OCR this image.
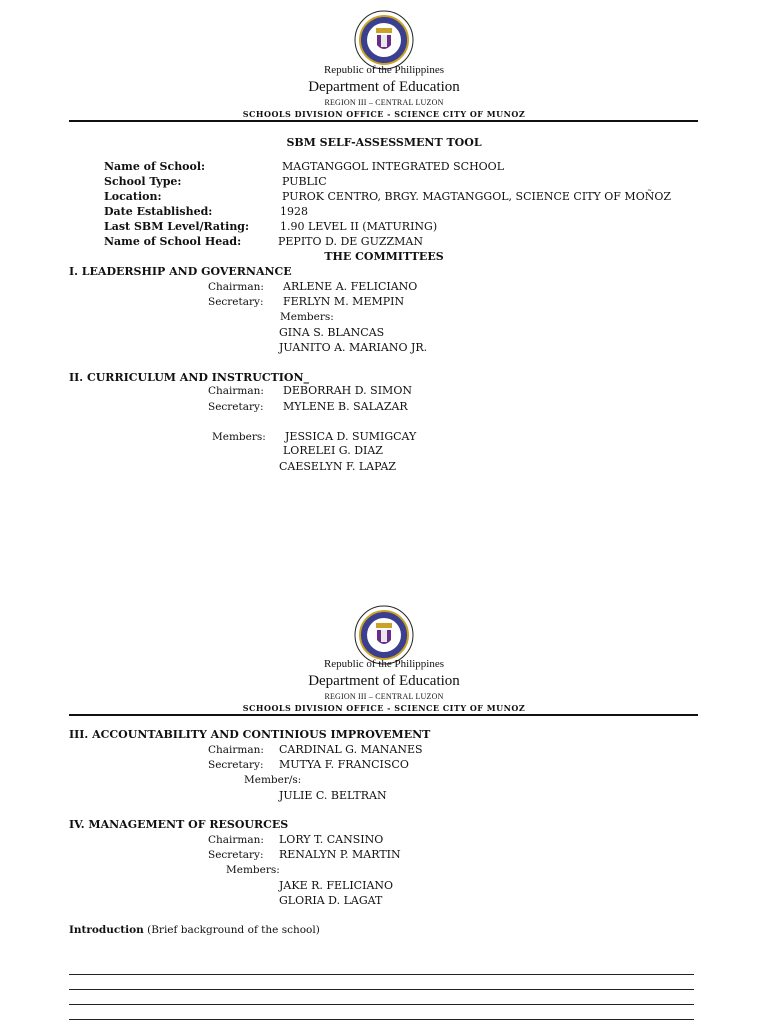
Republic of the Philippines
Department of Education
REGION III – CENTRAL LUZON
SCHOOLS DIVISION OFFICE - SCIENCE CITY OF MUNOZ
SBM SELF-ASSESSMENT TOOL
Name of School:	MAGTANGGOL INTEGRATED SCHOOL
School Type:	PUBLIC
Location:	PUROK CENTRO, BRGY. MAGTANGGOL, SCIENCE CITY OF MOÑOZ
Date Established:	1928
Last SBM Level/Rating:	1.90 LEVEL II (MATURING)
Name of School Head:	PEPITO D. DE GUZZMAN
THE COMMITTEES
I. LEADERSHIP AND GOVERNANCE
Chairman: ARLENE A. FELICIANO
Secretary: FERLYN M. MEMPIN
Members:
GINA S. BLANCAS
JUANITO A. MARIANO JR.
II. CURRICULUM AND INSTRUCTION_
Chairman: DEBORRAH D. SIMON
Secretary: MYLENE B. SALAZAR
Members: JESSICA D. SUMIGCAY
LORELEI G. DIAZ
CAESELYN F. LAPAZ
Republic of the Philippines
Department of Education
REGION III – CENTRAL LUZON
SCHOOLS DIVISION OFFICE - SCIENCE CITY OF MUNOZ
III. ACCOUNTABILITY AND CONTINIOUS IMPROVEMENT
Chairman: CARDINAL G. MANANES
Secretary: MUTYA F. FRANCISCO
Member/s:
JULIE C. BELTRAN
IV. MANAGEMENT OF RESOURCES
Chairman: LORY T. CANSINO
Secretary: RENALYN P. MARTIN
Members:
JAKE R. FELICIANO
GLORIA D. LAGAT
Introduction (Brief background of the school)
